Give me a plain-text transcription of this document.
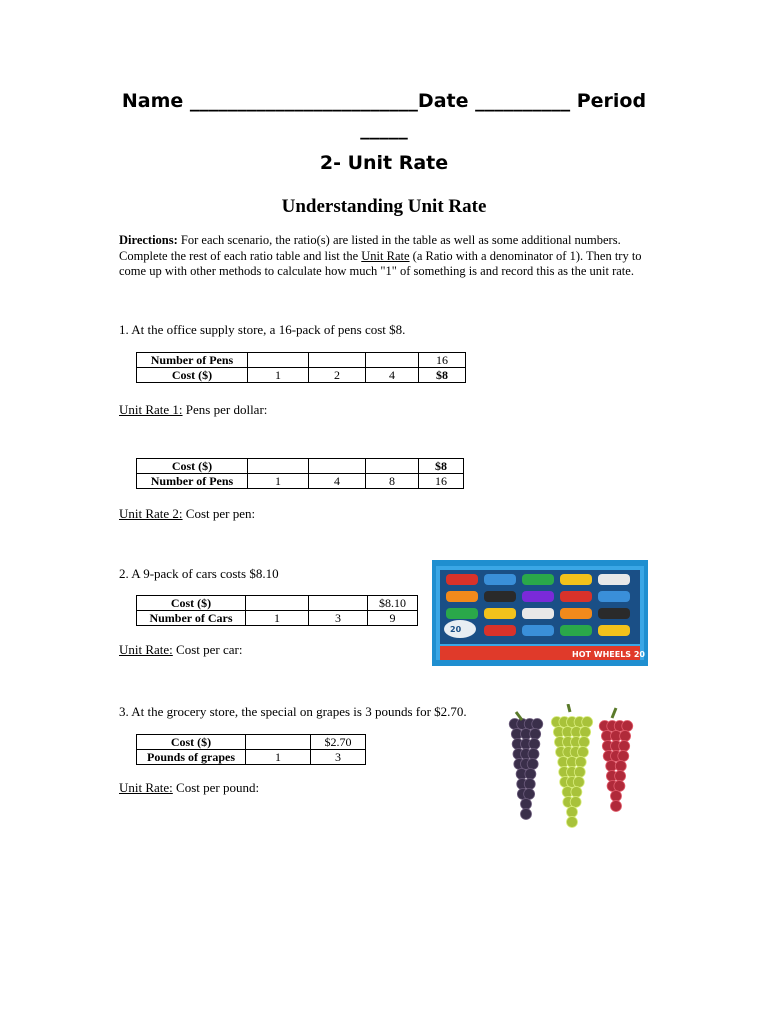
Name ________________________Date __________ Period
_____
2- Unit Rate
Understanding Unit Rate
Directions: For each scenario, the ratio(s) are listed in the table as well as some additional numbers. Complete the rest of each ratio table and list the Unit Rate (a Ratio with a denominator of 1). Then try to come up with other methods to calculate how much "1" of something is and record this as the unit rate.
1. At the office supply store, a 16-pack of pens cost $8.
Number of Pens				16
Cost ($)	1	2	4	$8
Unit Rate 1: Pens per dollar:
Cost ($)				$8
Number of Pens	1	4	8	16
Unit Rate 2: Cost per pen:
2. A 9-pack of cars costs $8.10
Cost ($)			$8.10
Number of Cars	1	3	9
Unit Rate: Cost per car:	HOT WHEELS 20
20
3. At the grocery store, the special on grapes is 3 pounds for $2.70.
Cost ($)		$2.70
Pounds of grapes	1	3
Unit Rate: Cost per pound:
